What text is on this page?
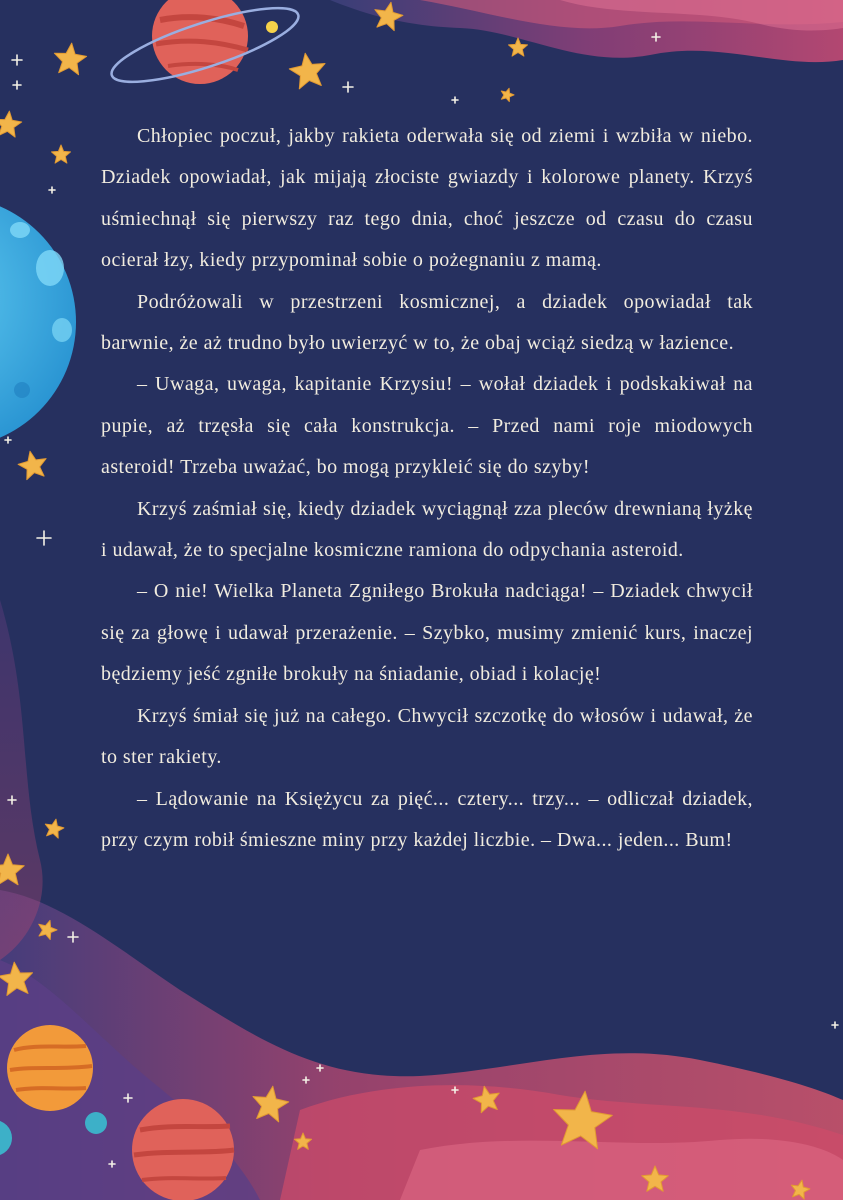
Chłopiec poczuł, jakby rakieta oderwała się od ziemi i wzbiła w niebo. Dziadek opowiadał, jak mijają złociste gwiazdy i kolorowe planety. Krzyś uśmiechnął się pierwszy raz tego dnia, choć jeszcze od czasu do czasu ocierał łzy, kiedy przypominał sobie o pożegnaniu z mamą.

Podróżowali w przestrzeni kosmicznej, a dziadek opowiadał tak barwnie, że aż trudno było uwierzyć w to, że obaj wciąż siedzą w łazience.

– Uwaga, uwaga, kapitanie Krzysiu! – wołał dziadek i podskakiwał na pupie, aż trzęsła się cała konstrukcja. – Przed nami roje miodowych asteroid! Trzeba uważać, bo mogą przykleić się do szyby!

Krzyś zaśmiał się, kiedy dziadek wyciągnął zza pleców drewnianą łyżkę i udawał, że to specjalne kosmiczne ramiona do odpychania asteroid.

– O nie! Wielka Planeta Zgniłego Brokuła nadciąga! – Dziadek chwycił się za głowę i udawał przerażenie. – Szybko, musimy zmienić kurs, inaczej będziemy jeść zgniłe brokuły na śniadanie, obiad i kolację!

Krzyś śmiał się już na całego. Chwycił szczotkę do włosów i udawał, że to ster rakiety.

– Lądowanie na Księżycu za pięć... cztery... trzy... – odliczał dziadek, przy czym robił śmieszne miny przy każdej liczbie. – Dwa... jeden... Bum!
